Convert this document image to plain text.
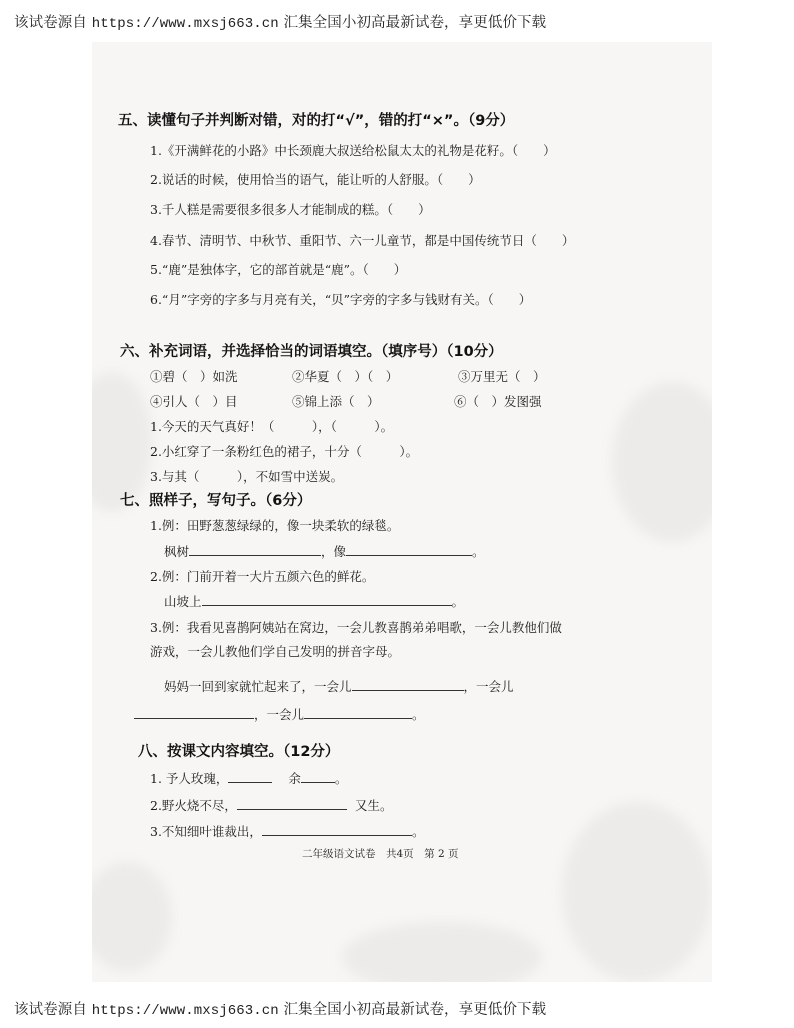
该试卷源自 https://www.mxsj663.cn 汇集全国小初高最新试卷，享更低价下载
五、读懂句子并判断对错，对的打“√”，错的打“×”。（9分）
1.《开满鲜花的小路》中长颈鹿大叔送给松鼠太太的礼物是花籽。（　　）
2.说话的时候，使用恰当的语气，能让听的人舒服。（　　）
3.千人糕是需要很多很多人才能制成的糕。（　　）
4.春节、清明节、中秋节、重阳节、六一儿童节，都是中国传统节日（　　）
5.“鹿”是独体字，它的部首就是“鹿”。（　　）
6.“月”字旁的字多与月亮有关，“贝”字旁的字多与钱财有关。（　　）
六、补充词语，并选择恰当的词语填空。（填序号）（10分）
①碧（　）如洗	②华夏（　）（　）	③万里无（　）
④引人（　）目	⑤锦上添（　）	⑥（　）发图强
1.今天的天气真好！（　　　），（　　　）。
2.小红穿了一条粉红色的裙子，十分（　　　）。
3.与其（　　　），不如雪中送炭。
七、照样子，写句子。（6分）
1.例：田野葱葱绿绿的，像一块柔软的绿毯。
枫树	，像	。
2.例：门前开着一大片五颜六色的鲜花。
山坡上	。
3.例：我看见喜鹊阿姨站在窝边，一会儿教喜鹊弟弟唱歌，一会儿教他们做
游戏，一会儿教他们学自己发明的拼音字母。
妈妈一回到家就忙起来了，一会儿	，一会儿
，一会儿	。
八、按课文内容填空。（12分）
1. 予人玫瑰，	余	。
2.野火烧不尽，	又生。
3.不知细叶谁裁出，	。
二年级语文试卷　共4页　第 2 页
该试卷源自 https://www.mxsj663.cn 汇集全国小初高最新试卷，享更低价下载
